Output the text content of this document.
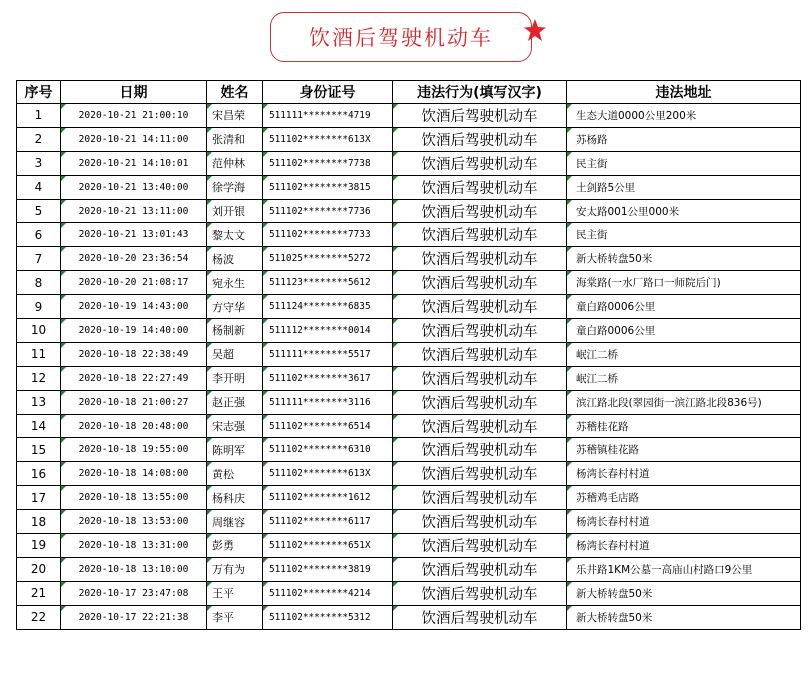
饮酒后驾驶机动车
序号	日期	姓名	身份证号	违法行为(填写汉字)	违法地址
1	2020-10-21 21:00:10	宋昌荣	511111********4719	饮酒后驾驶机动车	生态大道0000公里200米
2	2020-10-21 14:11:00	张清和	511102********613X	饮酒后驾驶机动车	苏杨路
3	2020-10-21 14:10:01	范仲林	511102********7738	饮酒后驾驶机动车	民主街
4	2020-10-21 13:40:00	徐学海	511102********3815	饮酒后驾驶机动车	土剑路5公里
5	2020-10-21 13:11:00	刘开银	511102********7736	饮酒后驾驶机动车	安太路001公里000米
6	2020-10-21 13:01:43	黎太文	511102********7733	饮酒后驾驶机动车	民主街
7	2020-10-20 23:36:54	杨波	511025********5272	饮酒后驾驶机动车	新大桥转盘50米
8	2020-10-20 21:08:17	宛永生	511123********5612	饮酒后驾驶机动车	海棠路(一水厂路口一师院后门)
9	2020-10-19 14:43:00	方守华	511124********6835	饮酒后驾驶机动车	童白路0006公里
10	2020-10-19 14:40:00	杨制新	511112********0014	饮酒后驾驶机动车	童白路0006公里
11	2020-10-18 22:38:49	吴超	511111********5517	饮酒后驾驶机动车	岷江二桥
12	2020-10-18 22:27:49	李开明	511102********3617	饮酒后驾驶机动车	岷江二桥
13	2020-10-18 21:00:27	赵正强	511111********3116	饮酒后驾驶机动车	滨江路北段(翠园街一滨江路北段836号)
14	2020-10-18 20:48:00	宋志强	511102********6514	饮酒后驾驶机动车	苏稽桂花路
15	2020-10-18 19:55:00	陈明军	511102********6310	饮酒后驾驶机动车	苏稽镇桂花路
16	2020-10-18 14:08:00	黄松	511102********613X	饮酒后驾驶机动车	杨湾长春村村道
17	2020-10-18 13:55:00	杨科庆	511102********1612	饮酒后驾驶机动车	苏稽鸡毛店路
18	2020-10-18 13:53:00	周继容	511102********6117	饮酒后驾驶机动车	杨湾长春村村道
19	2020-10-18 13:31:00	彭勇	511102********651X	饮酒后驾驶机动车	杨湾长春村村道
20	2020-10-18 13:10:00	万有为	511102********3819	饮酒后驾驶机动车	乐井路1KM公墓一高庙山村路口9公里
21	2020-10-17 23:47:08	王平	511102********4214	饮酒后驾驶机动车	新大桥转盘50米
22	2020-10-17 22:21:38	李平	511102********5312	饮酒后驾驶机动车	新大桥转盘50米
